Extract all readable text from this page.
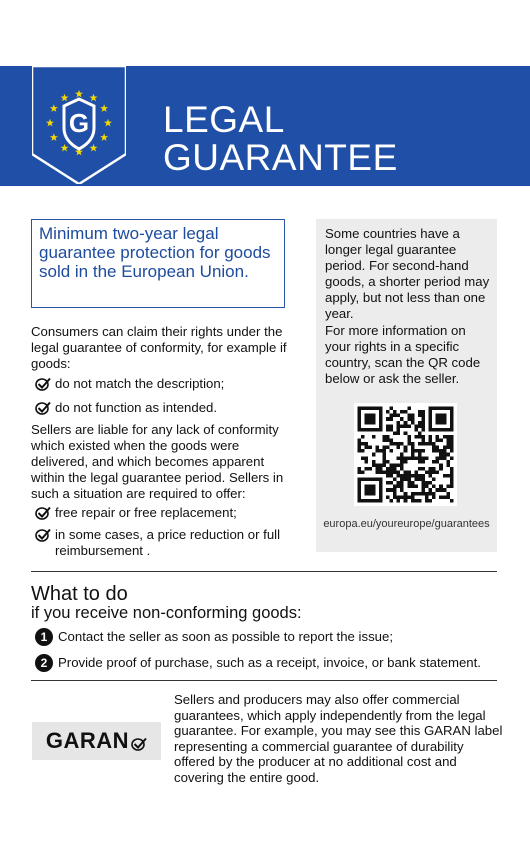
G LEGAL
GUARANTEE
Minimum two-year legal guarantee protection for goods sold in the European Union.
Consumers can claim their rights under the legal guarantee of conformity, for example if goods:
do not match the description;
do not function as intended.
Sellers are liable for any lack of conformity which existed when the goods were delivered, and which becomes apparent within the legal guarantee period. Sellers in such a situation are required to offer:
free repair or free replacement;
in some cases, a price reduction or full reimbursement .
Some countries have a longer legal guarantee period. For second-hand goods, a shorter period may apply, but not less than one year.
For more information on your rights in a specific country, scan the QR code below or ask the seller.
europa.eu/youreurope/guarantees
What to do
if you receive non-conforming goods:
1 Contact the seller as soon as possible to report the issue;
2 Provide proof of purchase, such as a receipt, invoice, or bank statement.
GARAN
Sellers and producers may also offer commercial guarantees, which apply independently from the legal guarantee. For example, you may see this GARAN label representing a commercial guarantee of durability offered by the producer at no additional cost and covering the entire good.
